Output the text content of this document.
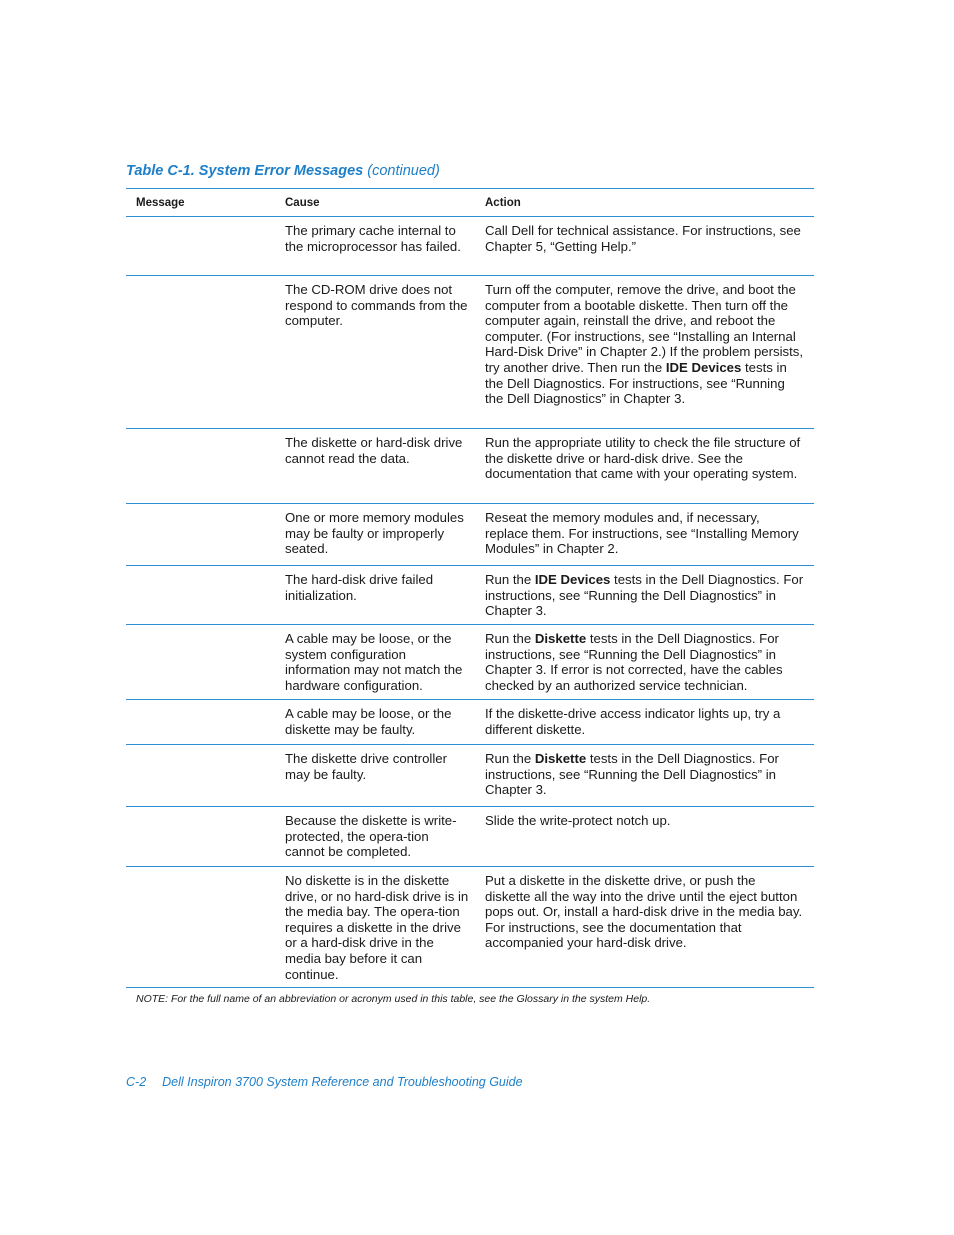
Table C-1. System Error Messages (continued)
Message	Cause	Action
The primary cache internal to the microprocessor has failed.
Call Dell for technical assistance. For instructions, see Chapter 5, “Getting Help.”
The CD-ROM drive does not respond to commands from the computer.
Turn off the computer, remove the drive, and boot the computer from a bootable diskette. Then turn off the computer again, reinstall the drive, and reboot the computer. (For instructions, see “Installing an Internal Hard-Disk Drive” in Chapter 2.) If the problem persists, try another drive. Then run the IDE Devices tests in the Dell Diagnostics. For instructions, see “Running the Dell Diagnostics” in Chapter 3.
The diskette or hard-disk drive cannot read the data.
Run the appropriate utility to check the file structure of the diskette drive or hard-disk drive. See the documentation that came with your operating system.
One or more memory modules may be faulty or improperly seated.
Reseat the memory modules and, if necessary, replace them. For instructions, see “Installing Memory Modules” in Chapter 2.
The hard-disk drive failed initialization.
Run the IDE Devices tests in the Dell Diagnostics. For instructions, see “Running the Dell Diagnostics” in Chapter 3.
A cable may be loose, or the system configuration information may not match the hardware configuration.
Run the Diskette tests in the Dell Diagnostics. For instructions, see “Running the Dell Diagnostics” in Chapter 3. If error is not corrected, have the cables checked by an authorized service technician.
A cable may be loose, or the diskette may be faulty.
If the diskette-drive access indicator lights up, try a different diskette.
The diskette drive controller may be faulty.
Run the Diskette tests in the Dell Diagnostics. For instructions, see “Running the Dell Diagnostics” in Chapter 3.
Because the diskette is write-protected, the opera-tion cannot be completed.
Slide the write-protect notch up.
No diskette is in the diskette drive, or no hard-disk drive is in the media bay. The opera-tion requires a diskette in the drive or a hard-disk drive in the media bay before it can continue.
Put a diskette in the diskette drive, or push the diskette all the way into the drive until the eject button pops out. Or, install a hard-disk drive in the media bay. For instructions, see the documentation that accompanied your hard-disk drive.
NOTE: For the full name of an abbreviation or acronym used in this table, see the Glossary in the system Help.
C-2 Dell Inspiron 3700 System Reference and Troubleshooting Guide
